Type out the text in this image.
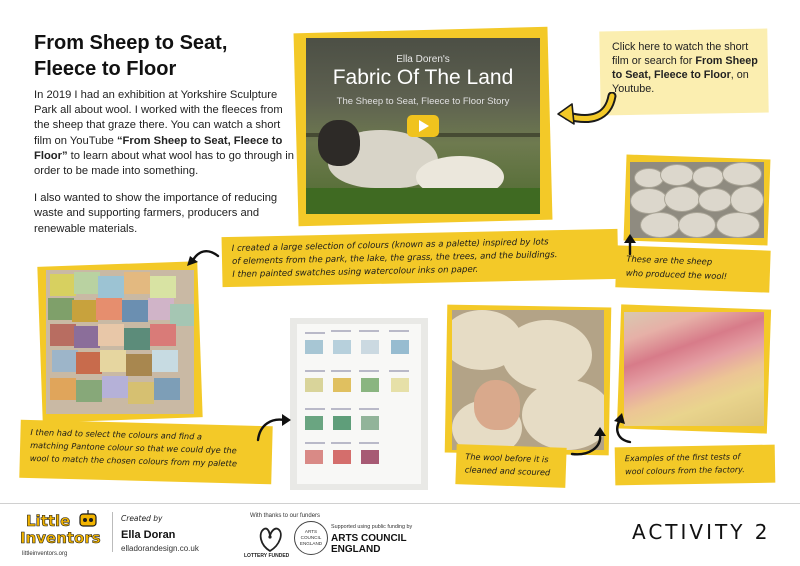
From Sheep to Seat,
Fleece to Floor

In 2019 I had an exhibition at Yorkshire Sculpture Park all about wool. I worked with the fleeces from the sheep that graze there. You can watch a short film on YouTube “From Sheep to Seat, Fleece to Floor” to learn about what wool has to go through in order to be made into something.

I also wanted to show the importance of reducing waste and supporting farmers, producers and renewable materials.

Ella Doren's
Fabric Of The Land
The Sheep to Seat, Fleece to Floor Story
Click here to watch the short film or search for From Sheep to Seat, Fleece to Floor, on Youtube.
I created a large selection of colours (known as a palette) inspired by lots
of elements from the park, the lake, the grass, the trees, and the buildings.
I then painted swatches using watercolour inks on paper.
These are the sheep
who produced the wool!
I then had to select the colours and find a
matching Pantone colour so that we could dye the
wool to match the chosen colours from my palette	The wool before it is
cleaned and scoured
Examples of the first tests of
wool colours from the factory.
Little
Inventors
littleinventors.org
Created by
Ella Doran
elladorandesign.co.uk
With thanks to our funders
LOTTERY FUNDED
ARTS COUNCIL ENGLAND
Supported using public funding by
ARTS COUNCIL ENGLAND
ACTIVITY 2
